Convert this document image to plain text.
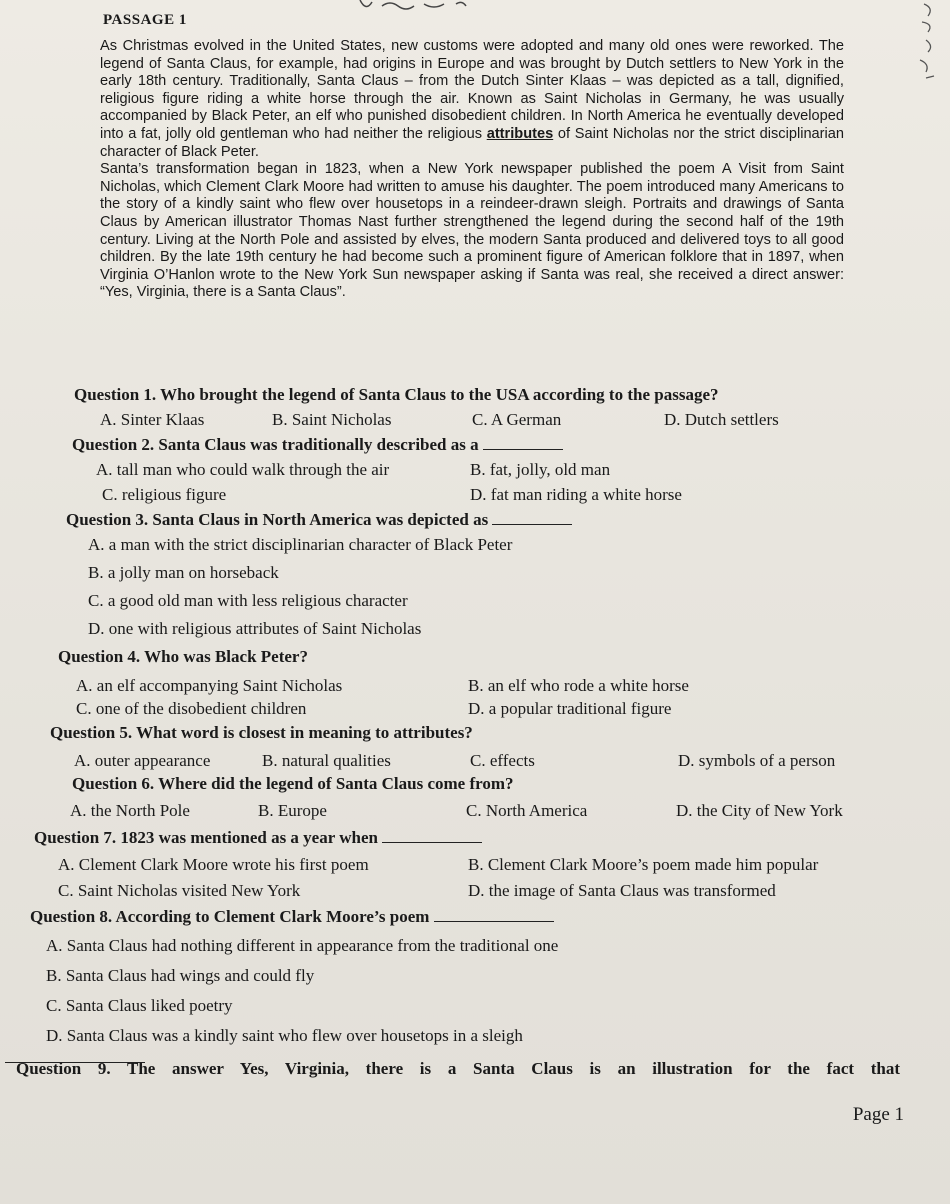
PASSAGE 1

As Christmas evolved in the United States, new customs were adopted and many old ones were reworked. The legend of Santa Claus, for example, had origins in Europe and was brought by Dutch settlers to New York in the early 18th century. Traditionally, Santa Claus – from the Dutch Sinter Klaas – was depicted as a tall, dignified, religious figure riding a white horse through the air. Known as Saint Nicholas in Germany, he was usually accompanied by Black Peter, an elf who punished disobedient children. In North America he eventually developed into a fat, jolly old gentleman who had neither the religious attributes of Saint Nicholas nor the strict disciplinarian character of Black Peter.

Santa’s transformation began in 1823, when a New York newspaper published the poem A Visit from Saint Nicholas, which Clement Clark Moore had written to amuse his daughter. The poem introduced many Americans to the story of a kindly saint who flew over housetops in a reindeer-drawn sleigh. Portraits and drawings of Santa Claus by American illustrator Thomas Nast further strengthened the legend during the second half of the 19th century. Living at the North Pole and assisted by elves, the modern Santa produced and delivered toys to all good children. By the late 19th century he had become such a prominent figure of American folklore that in 1897, when Virginia O’Hanlon wrote to the New York Sun newspaper asking if Santa was real, she received a direct answer: “Yes, Virginia, there is a Santa Claus”.

Question 1. Who brought the legend of Santa Claus to the USA according to the passage?
A. Sinter Klaas	B. Saint Nicholas	C. A German	D. Dutch settlers
Question 2. Santa Claus was traditionally described as a
A. tall man who could walk through the air	B. fat, jolly, old man
C. religious figure	D. fat man riding a white horse
Question 3. Santa Claus in North America was depicted as
A. a man with the strict disciplinarian character of Black Peter
B. a jolly man on horseback
C. a good old man with less religious character
D. one with religious attributes of Saint Nicholas
Question 4. Who was Black Peter?
A. an elf accompanying Saint Nicholas	B. an elf who rode a white horse
C. one of the disobedient children	D. a popular traditional figure
Question 5. What word is closest in meaning to attributes?
A. outer appearance	B. natural qualities	C. effects	D. symbols of a person
Question 6. Where did the legend of Santa Claus come from?
A. the North Pole	B. Europe	C. North America	D. the City of New York
Question 7. 1823 was mentioned as a year when
A. Clement Clark Moore wrote his first poem	B. Clement Clark Moore’s poem made him popular
C. Saint Nicholas visited New York	D. the image of Santa Claus was transformed
Question 8. According to Clement Clark Moore’s poem
A. Santa Claus had nothing different in appearance from the traditional one
B. Santa Claus had wings and could fly
C. Santa Claus liked poetry
D. Santa Claus was a kindly saint who flew over housetops in a sleigh
Question 9. The answer Yes, Virginia, there is a Santa Claus is an illustration for the fact that
Page 1
